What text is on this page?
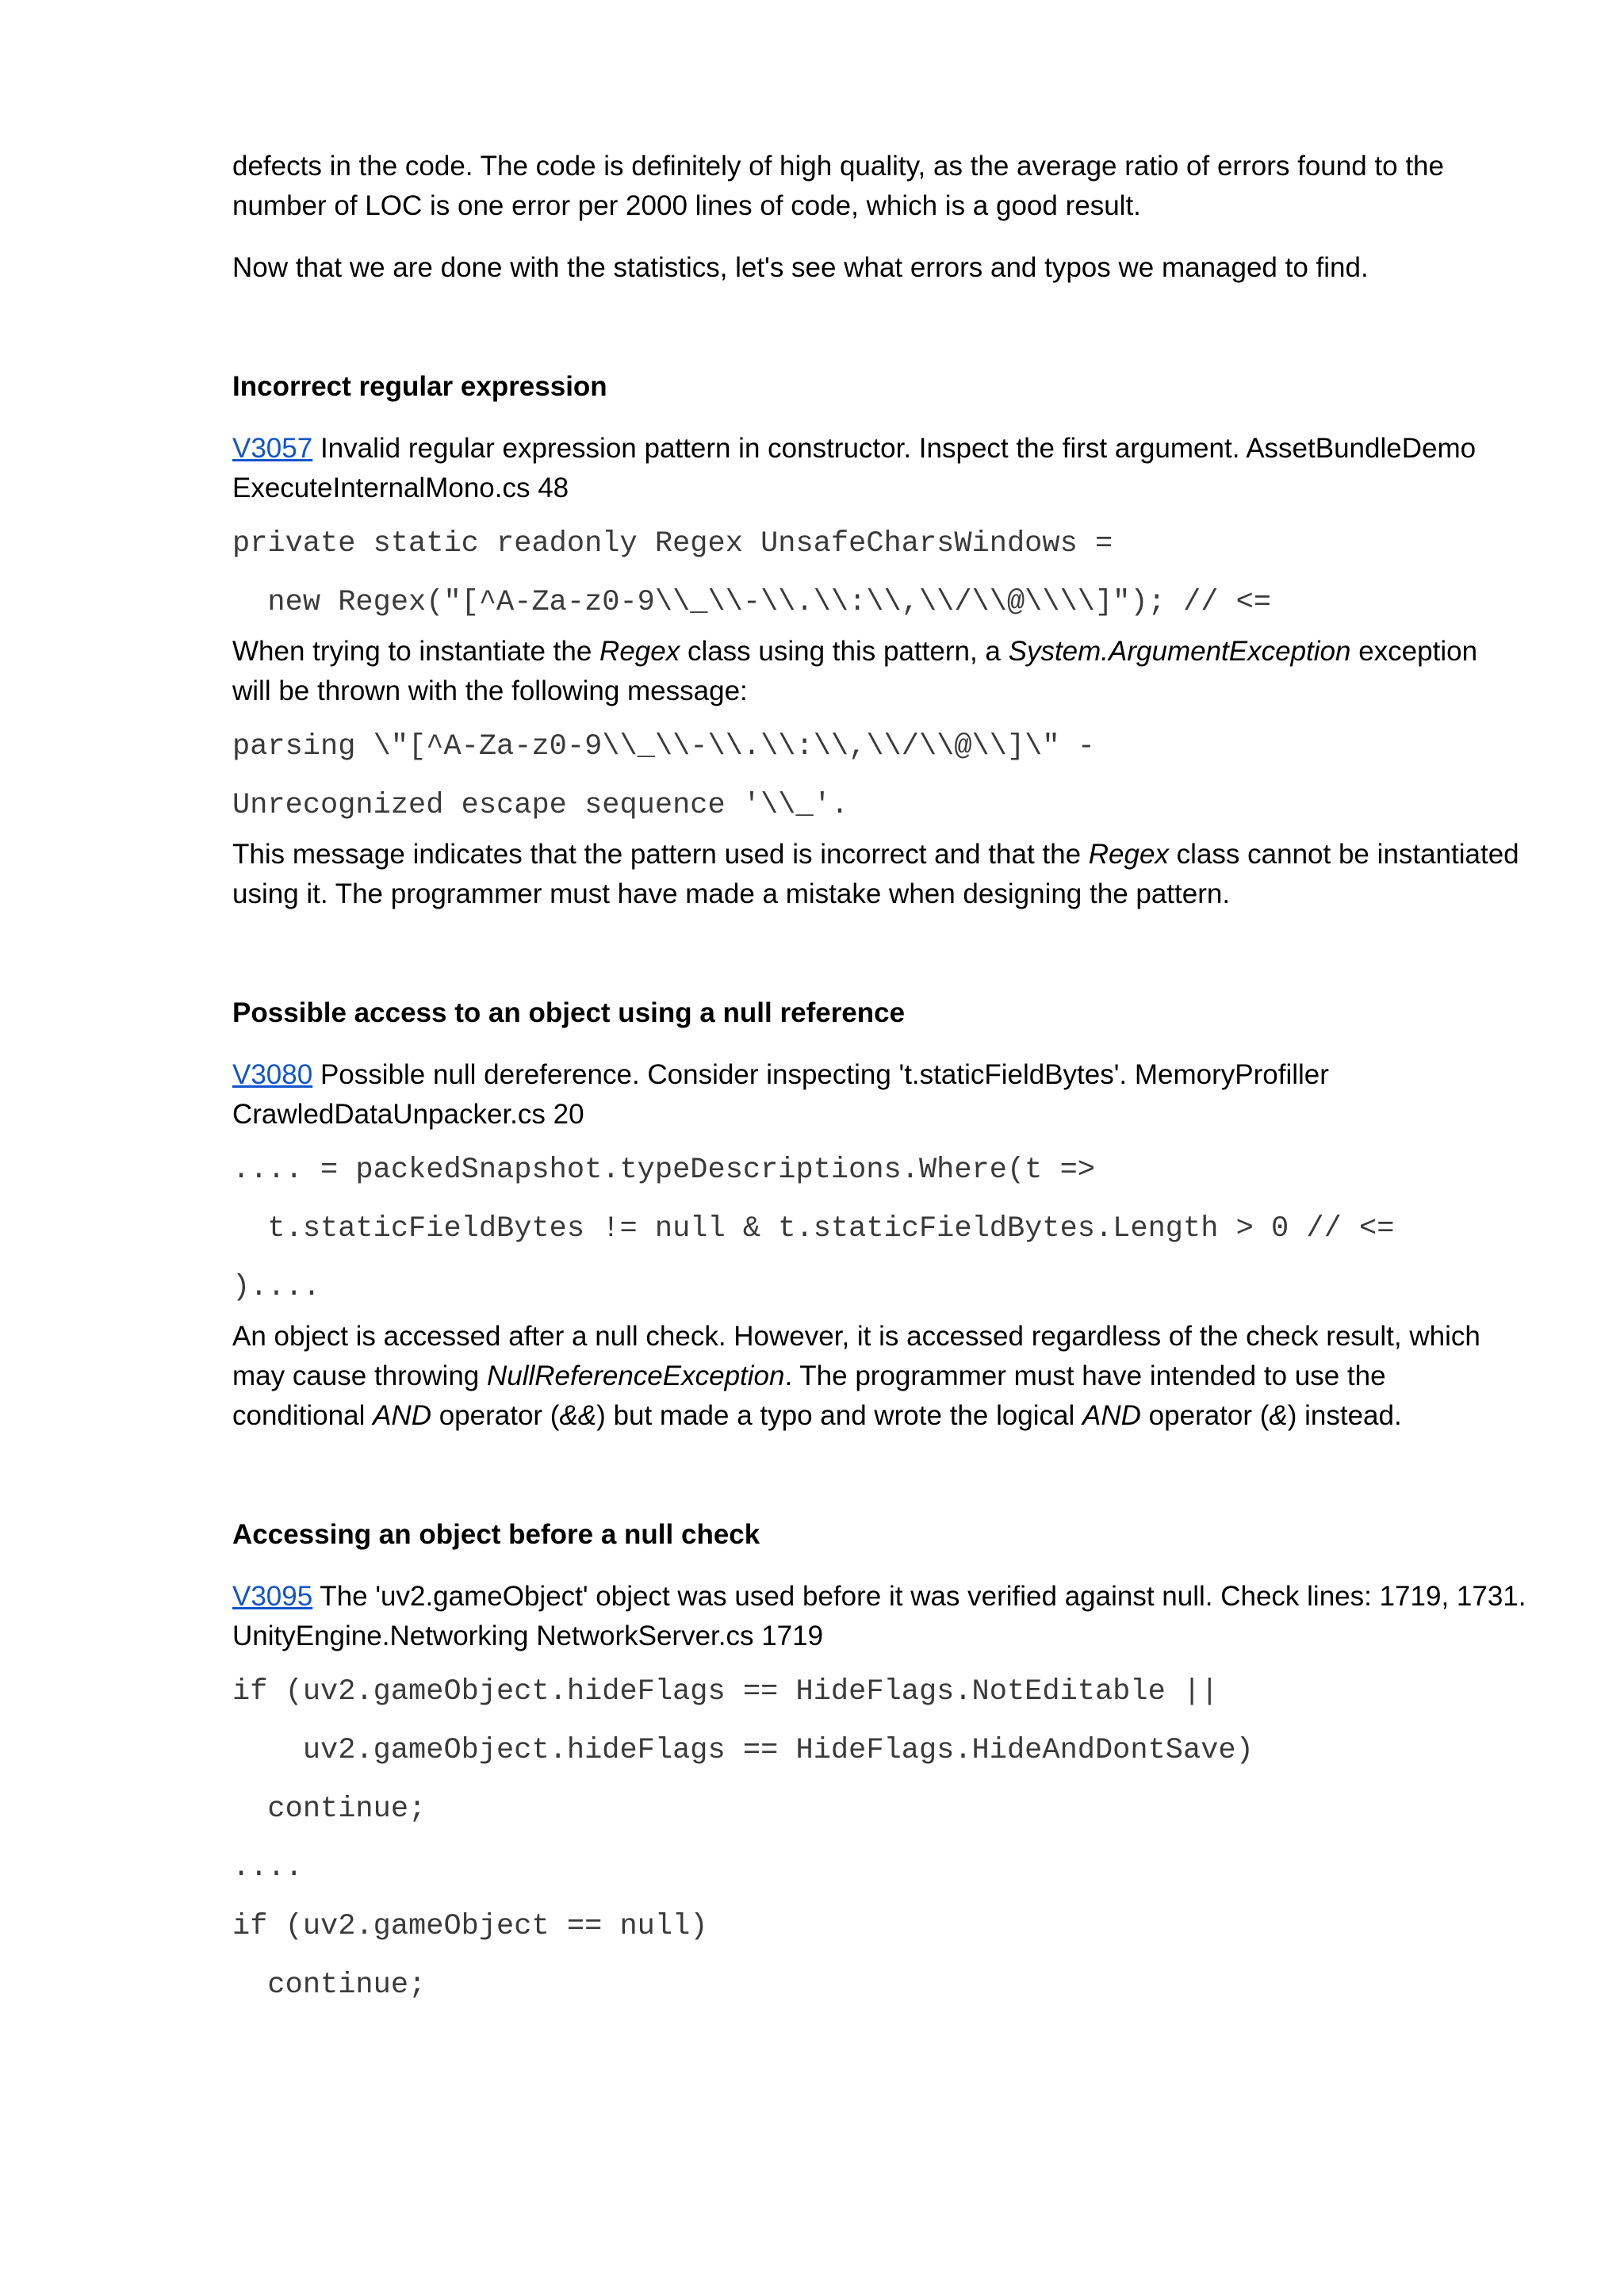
defects in the code. The code is definitely of high quality, as the average ratio of errors found to the

number of LOC is one error per 2000 lines of code, which is a good result.

Now that we are done with the statistics, let's see what errors and typos we managed to find.

Incorrect regular expression

V3057 Invalid regular expression pattern in constructor. Inspect the first argument. AssetBundleDemo

ExecuteInternalMono.cs 48

private static readonly Regex UnsafeCharsWindows =
new Regex("[^A-Za-z0-9\\_\\-\\.\\:\\,\\/\\@\\\\]"); // <=

When trying to instantiate the Regex class using this pattern, a System.ArgumentException exception

will be thrown with the following message:

parsing \"[^A-Za-z0-9\\_\\-\\.\\:\\,\\/\\@\\]\" -
Unrecognized escape sequence '\\_'.

This message indicates that the pattern used is incorrect and that the Regex class cannot be instantiated

using it. The programmer must have made a mistake when designing the pattern.

Possible access to an object using a null reference

V3080 Possible null dereference. Consider inspecting 't.staticFieldBytes'. MemoryProfiller

CrawledDataUnpacker.cs 20

.... = packedSnapshot.typeDescriptions.Where(t =>
t.staticFieldBytes != null & t.staticFieldBytes.Length > 0 // <=
)....

An object is accessed after a null check. However, it is accessed regardless of the check result, which

may cause throwing NullReferenceException. The programmer must have intended to use the

conditional AND operator (&&) but made a typo and wrote the logical AND operator (&) instead.

Accessing an object before a null check

V3095 The 'uv2.gameObject' object was used before it was verified against null. Check lines: 1719, 1731.

UnityEngine.Networking NetworkServer.cs 1719

if (uv2.gameObject.hideFlags == HideFlags.NotEditable ||
uv2.gameObject.hideFlags == HideFlags.HideAndDontSave)
continue;
....
if (uv2.gameObject == null)
continue;
